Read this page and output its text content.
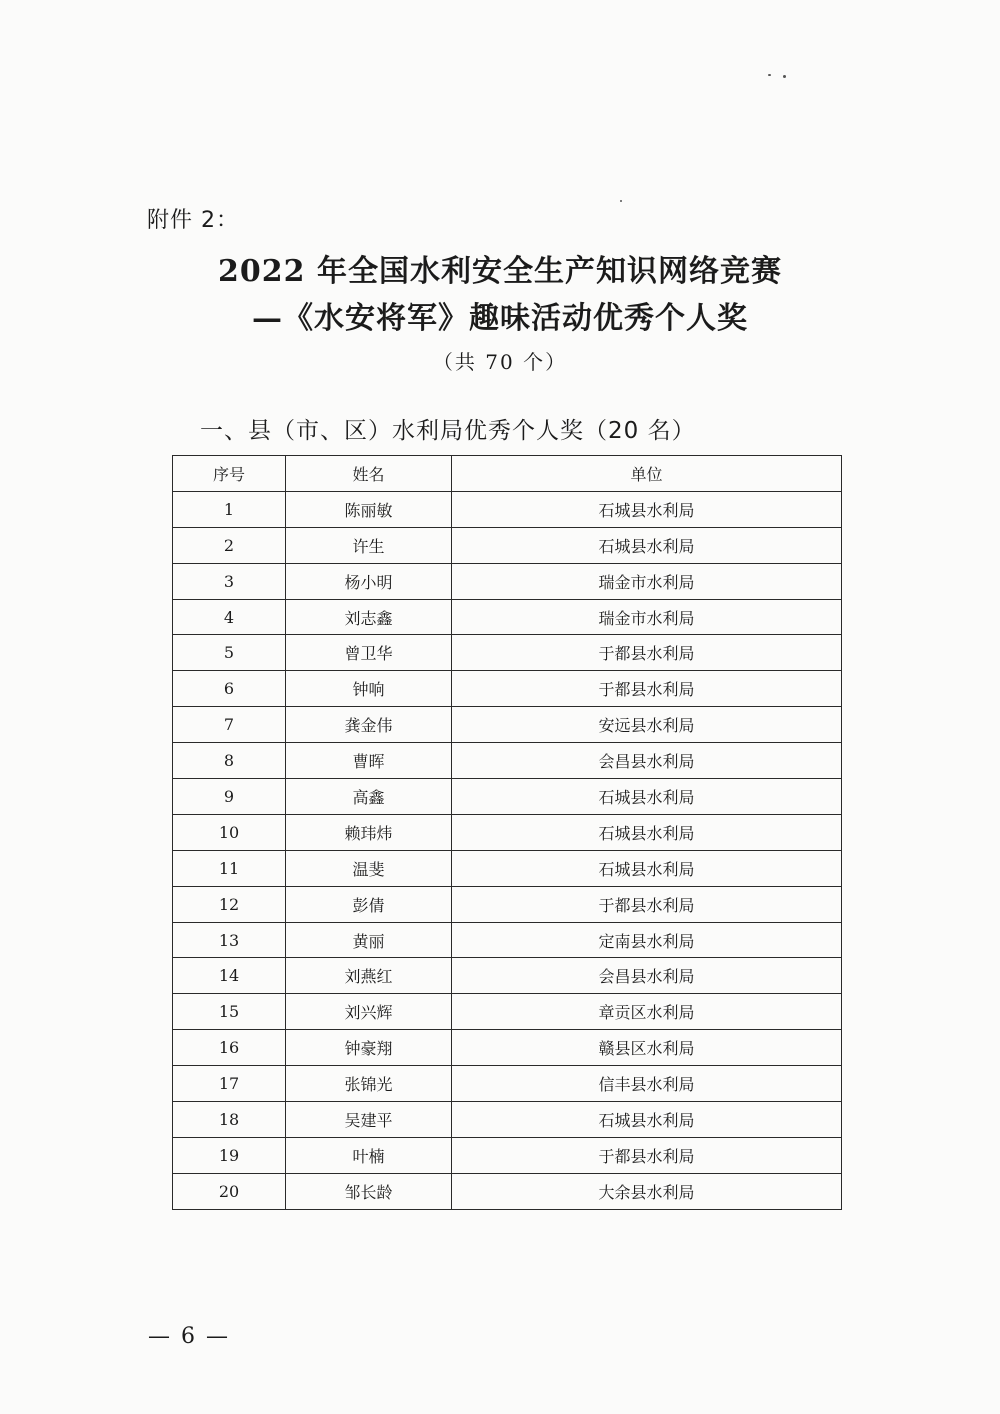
附件 2：
2022 年全国水利安全生产知识网络竞赛
—《水安将军》趣味活动优秀个人奖
（共 70 个）
一、县（市、区）水利局优秀个人奖（20 名）
序号	姓名	单位
1	陈丽敏	石城县水利局
2	许生	石城县水利局
3	杨小明	瑞金市水利局
4	刘志鑫	瑞金市水利局
5	曾卫华	于都县水利局
6	钟响	于都县水利局
7	龚金伟	安远县水利局
8	曹晖	会昌县水利局
9	高鑫	石城县水利局
10	赖玮炜	石城县水利局
11	温斐	石城县水利局
12	彭倩	于都县水利局
13	黄丽	定南县水利局
14	刘燕红	会昌县水利局
15	刘兴辉	章贡区水利局
16	钟豪翔	赣县区水利局
17	张锦光	信丰县水利局
18	吴建平	石城县水利局
19	叶楠	于都县水利局
20	邹长龄	大余县水利局
— 6 —
